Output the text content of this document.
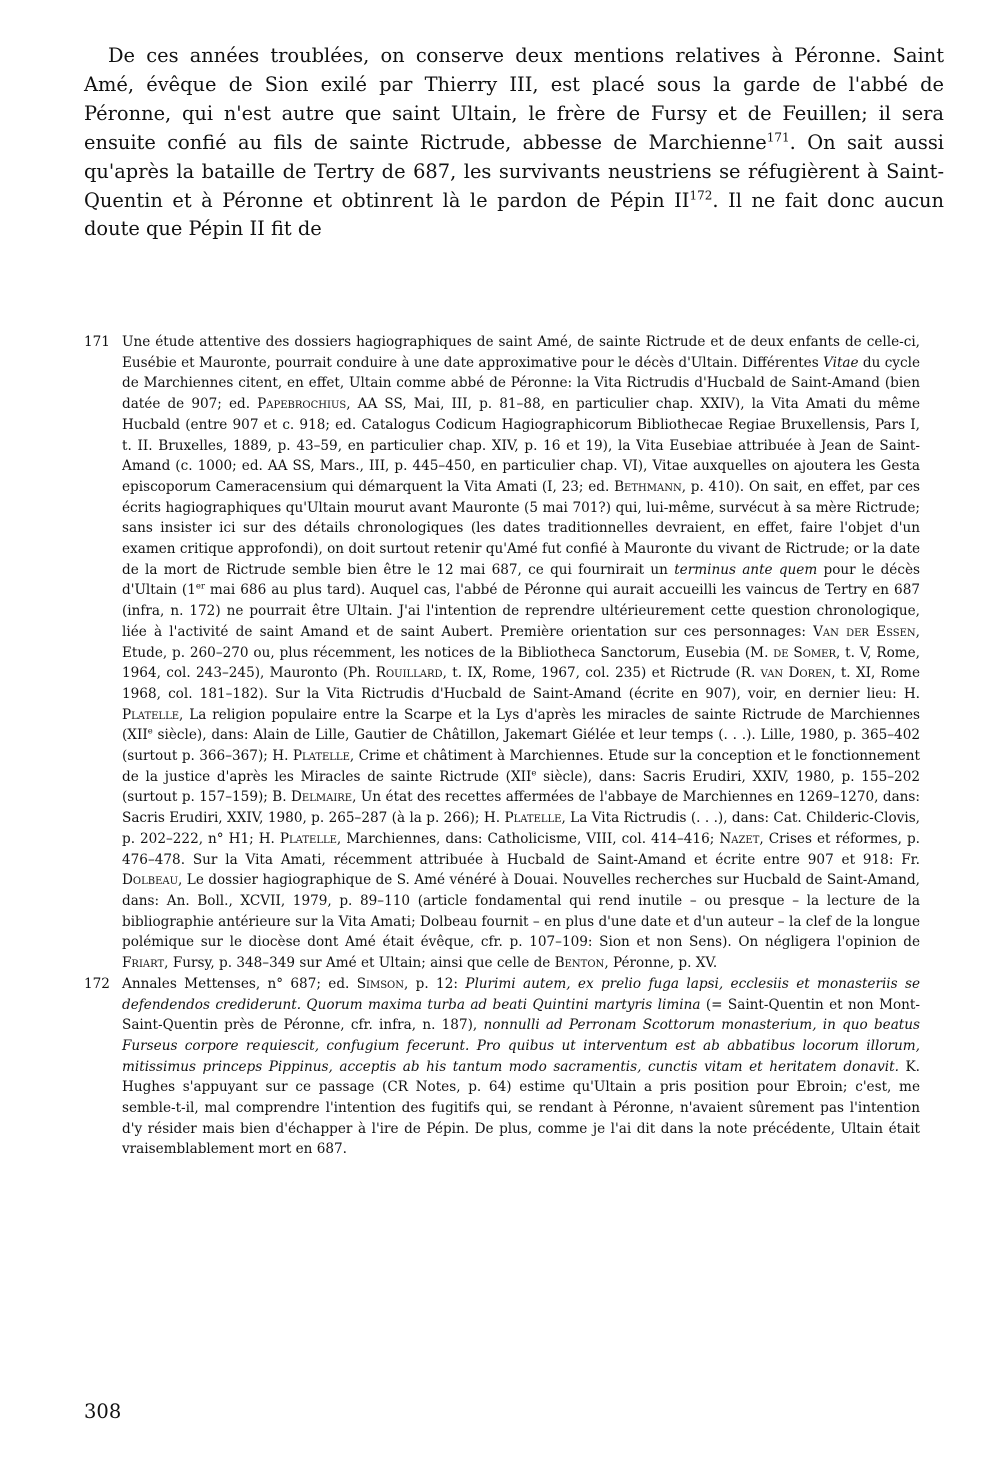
De ces années troublées, on conserve deux mentions relatives à Péronne. Saint Amé, évêque de Sion exilé par Thierry III, est placé sous la garde de l'abbé de Péronne, qui n'est autre que saint Ultain, le frère de Fursy et de Feuillen; il sera ensuite confié au fils de sainte Rictrude, abbesse de Marchienne$^{171}$. On sait aussi qu'après la bataille de Tertry de 687, les survivants neustriens se réfugièrent à Saint-Quentin et à Péronne et obtinrent là le pardon de Pépin II$^{172}$. Il ne fait donc aucun doute que Pépin II fit de

171 Une étude attentive des dossiers hagiographiques de saint Amé, de sainte Rictrude et de deux enfants de celle-ci, Eusébie et Mauronte, pourrait conduire à une date approximative pour le décès d'Ultain. Différentes Vitae du cycle de Marchiennes citent, en effet, Ultain comme abbé de Péronne: la Vita Rictrudis d'Hucbald de Saint-Amand (bien datée de 907; ed. Papebrochius, AA SS, Mai, III, p. 81–88, en particulier chap. XXIV), la Vita Amati du même Hucbald (entre 907 et c. 918; ed. Catalogus Codicum Hagiographicorum Bibliothecae Regiae Bruxellensis, Pars I, t. II. Bruxelles, 1889, p. 43–59, en particulier chap. XIV, p. 16 et 19), la Vita Eusebiae attribuée à Jean de Saint-Amand (c. 1000; ed. AA SS, Mars., III, p. 445–450, en particulier chap. VI), Vitae auxquelles on ajoutera les Gesta episcoporum Cameracensium qui démarquent la Vita Amati (I, 23; ed. Bethmann, p. 410). On sait, en effet, par ces écrits hagiographiques qu'Ultain mourut avant Mauronte (5 mai 701?) qui, lui-même, survécut à sa mère Rictrude; sans insister ici sur des détails chronologiques (les dates traditionnelles devraient, en effet, faire l'objet d'un examen critique approfondi), on doit surtout retenir qu'Amé fut confié à Mauronte du vivant de Rictrude; or la date de la mort de Rictrude semble bien être le 12 mai 687, ce qui fournirait un terminus ante quem pour le décès d'Ultain (1er mai 686 au plus tard). Auquel cas, l'abbé de Péronne qui aurait accueilli les vaincus de Tertry en 687 (infra, n. 172) ne pourrait être Ultain. J'ai l'intention de reprendre ultérieurement cette question chronologique, liée à l'activité de saint Amand et de saint Aubert. Première orientation sur ces personnages: Van der Essen, Etude, p. 260–270 ou, plus récemment, les notices de la Bibliotheca Sanctorum, Eusebia (M. de Somer, t. V, Rome, 1964, col. 243–245), Mauronto (Ph. Rouillard, t. IX, Rome, 1967, col. 235) et Rictrude (R. van Doren, t. XI, Rome 1968, col. 181–182). Sur la Vita Rictrudis d'Hucbald de Saint-Amand (écrite en 907), voir, en dernier lieu: H. Platelle, La religion populaire entre la Scarpe et la Lys d'après les miracles de sainte Rictrude de Marchiennes (XIIe siècle), dans: Alain de Lille, Gautier de Châtillon, Jakemart Giélée et leur temps (. . .). Lille, 1980, p. 365–402 (surtout p. 366–367); H. Platelle, Crime et châtiment à Marchiennes. Etude sur la conception et le fonctionnement de la justice d'après les Miracles de sainte Rictrude (XIIe siècle), dans: Sacris Erudiri, XXIV, 1980, p. 155–202 (surtout p. 157–159); B. Delmaire, Un état des recettes affermées de l'abbaye de Marchiennes en 1269–1270, dans: Sacris Erudiri, XXIV, 1980, p. 265–287 (à la p. 266); H. Platelle, La Vita Rictrudis (. . .), dans: Cat. Childeric-Clovis, p. 202–222, n° H1; H. Platelle, Marchiennes, dans: Catholicisme, VIII, col. 414–416; Nazet, Crises et réformes, p. 476–478. Sur la Vita Amati, récemment attribuée à Hucbald de Saint-Amand et écrite entre 907 et 918: Fr. Dolbeau, Le dossier hagiographique de S. Amé vénéré à Douai. Nouvelles recherches sur Hucbald de Saint-Amand, dans: An. Boll., XCVII, 1979, p. 89–110 (article fondamental qui rend inutile – ou presque – la lecture de la bibliographie antérieure sur la Vita Amati; Dolbeau fournit – en plus d'une date et d'un auteur – la clef de la longue polémique sur le diocèse dont Amé était évêque, cfr. p. 107–109: Sion et non Sens). On négligera l'opinion de Friart, Fursy, p. 348–349 sur Amé et Ultain; ainsi que celle de Benton, Péronne, p. XV.

172 Annales Mettenses, n° 687; ed. Simson, p. 12: Plurimi autem, ex prelio fuga lapsi, ecclesiis et monasteriis se defendendos crediderunt. Quorum maxima turba ad beati Quintini martyris limina (= Saint-Quentin et non Mont-Saint-Quentin près de Péronne, cfr. infra, n. 187), nonnulli ad Perronam Scottorum monasterium, in quo beatus Furseus corpore requiescit, confugium fecerunt. Pro quibus ut interventum est ab abbatibus locorum illorum, mitissimus princeps Pippinus, acceptis ab his tantum modo sacramentis, cunctis vitam et heritatem donavit. K. Hughes s'appuyant sur ce passage (CR Notes, p. 64) estime qu'Ultain a pris position pour Ebroin; c'est, me semble-t-il, mal comprendre l'intention des fugitifs qui, se rendant à Péronne, n'avaient sûrement pas l'intention d'y résider mais bien d'échapper à l'ire de Pépin. De plus, comme je l'ai dit dans la note précédente, Ultain était vraisemblablement mort en 687.

308
